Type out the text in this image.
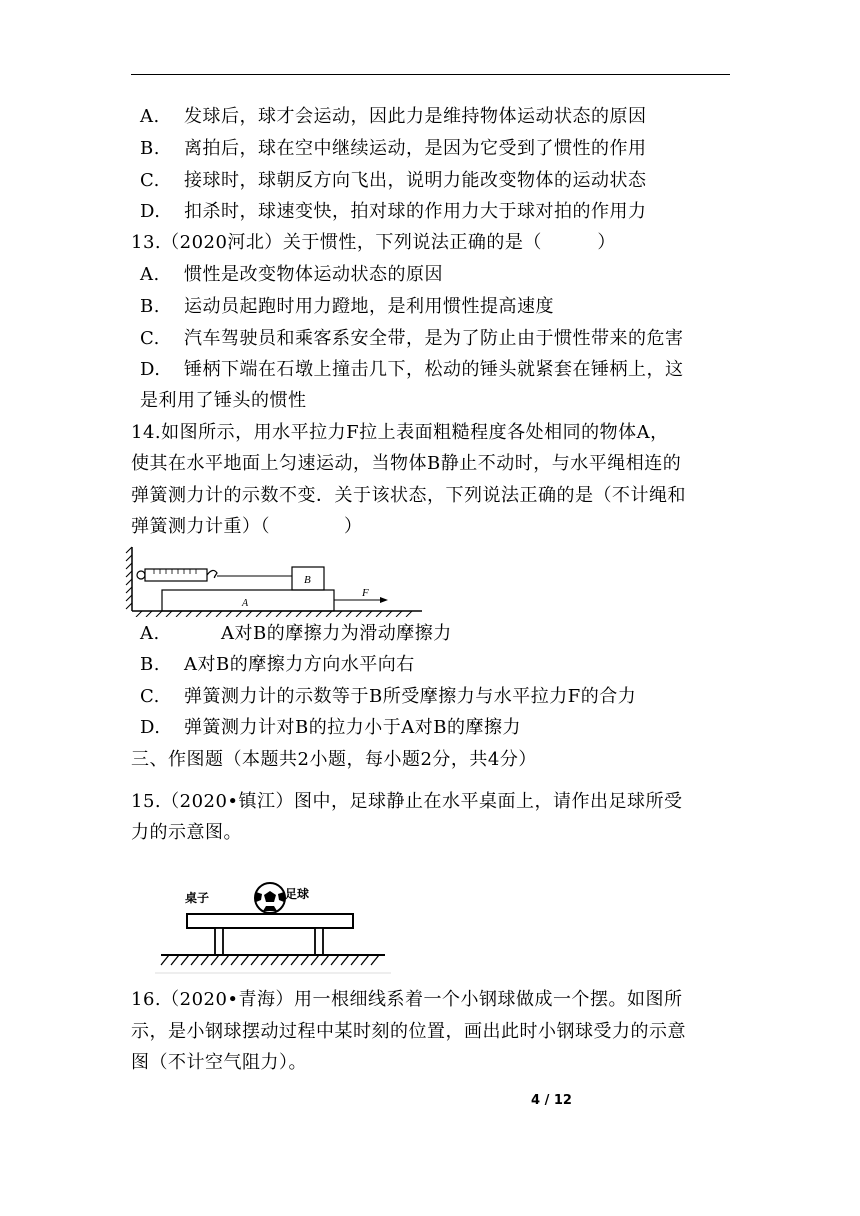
A. 发球后，球才会运动，因此力是维持物体运动状态的原因
B. 离拍后，球在空中继续运动，是因为它受到了惯性的作用
C. 接球时，球朝反方向飞出，说明力能改变物体的运动状态
D. 扣杀时，球速变快，拍对球的作用力大于球对拍的作用力
13.（2020河北）关于惯性，下列说法正确的是（　　　）
A. 惯性是改变物体运动状态的原因
B. 运动员起跑时用力蹬地，是利用惯性提高速度
C. 汽车驾驶员和乘客系安全带，是为了防止由于惯性带来的危害
D. 锤柄下端在石墩上撞击几下，松动的锤头就紧套在锤柄上，这
是利用了锤头的惯性
14.如图所示，用水平拉力F拉上表面粗糙程度各处相同的物体A，
使其在水平地面上匀速运动，当物体B静止不动时，与水平绳相连的
弹簧测力计的示数不变．关于该状态，下列说法正确的是（不计绳和
弹簧测力计重）（　　　　）
B
A
F
A.　　A对B的摩擦力为滑动摩擦力
B. A对B的摩擦力方向水平向右
C. 弹簧测力计的示数等于B所受摩擦力与水平拉力F的合力
D. 弹簧测力计对B的拉力小于A对B的摩擦力
三、作图题（本题共2小题，每小题2分，共4分）
15.（2020•镇江）图中，足球静止在水平桌面上，请作出足球所受
力的示意图。
桌子	足球
16.（2020•青海）用一根细线系着一个小钢球做成一个摆。如图所
示，是小钢球摆动过程中某时刻的位置，画出此时小钢球受力的示意
图（不计空气阻力）。
4 / 12
